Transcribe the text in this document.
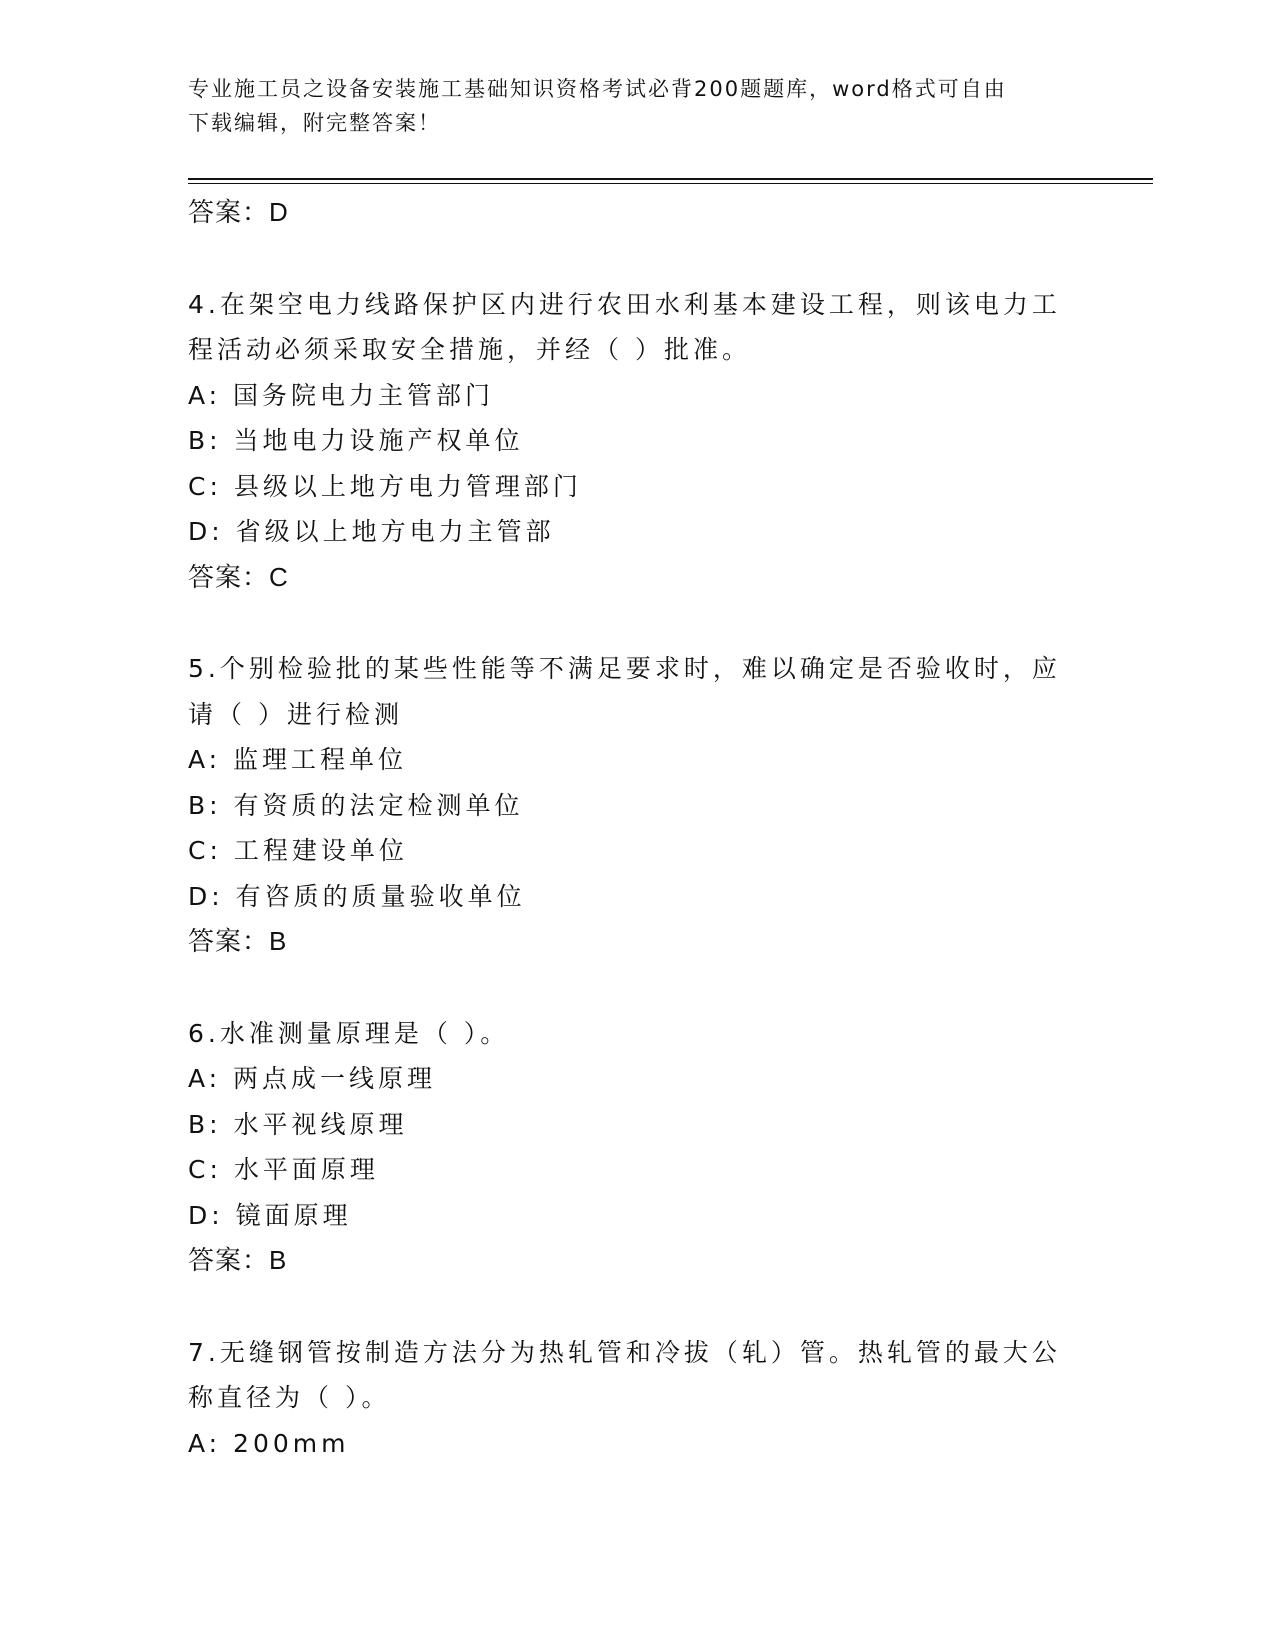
专业施工员之设备安装施工基础知识资格考试必背200题题库，word格式可自由
下载编辑，附完整答案！
答案：D
4.在架空电力线路保护区内进行农田水利基本建设工程，则该电力工
程活动必须采取安全措施，并经（ ）批准。
A: 国务院电力主管部门
B: 当地电力设施产权单位
C: 县级以上地方电力管理部门
D: 省级以上地方电力主管部
答案：C
5.个别检验批的某些性能等不满足要求时，难以确定是否验收时，应
请（ ）进行检测
A: 监理工程单位
B: 有资质的法定检测单位
C: 工程建设单位
D: 有咨质的质量验收单位
答案：B
6.水准测量原理是（ ）。
A: 两点成一线原理
B: 水平视线原理
C: 水平面原理
D: 镜面原理
答案：B
7.无缝钢管按制造方法分为热轧管和冷拔（轧）管。热轧管的最大公
称直径为（ ）。
A: 200mm
